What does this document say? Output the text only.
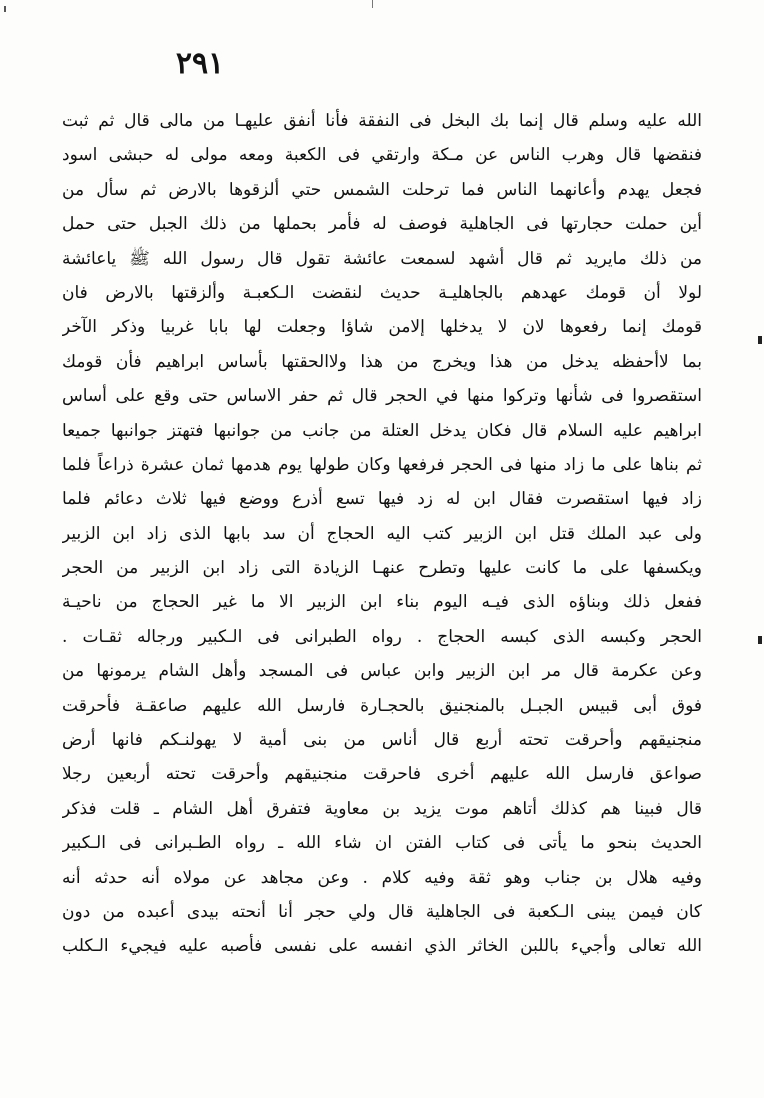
٢٩١
الله عليه وسلم قال إنما بك البخل فى النفقة فأنا أنفق عليهـا من مالى قال ثم ثبت
فنقضها قال وهرب الناس عن مـكة وارتقي فى الكعبة ومعه مولى له حبشى اسود
فجعل يهدم وأعانهما الناس فما ترحلت الشمس حتي ألزقوها بالارض ثم سأل من
أين حملت حجارتها فى الجاهلية فوصف له فأمر بحملها من ذلك الجبل حتى حمل
من ذلك مايريد ثم قال أشهد لسمعت عائشة تقول قال رسول الله ﷺ ياعائشة
لولا أن قومك عهدهم بالجاهليـة حديث لنقضت الـكعبـة وألزقتها بالارض فان
قومك إنما رفعوها لان لا يدخلها إلامن شاؤا وجعلت لها بابا غربيا وذكر الآخر
بما لاأحفظه يدخل من هذا ويخرج من هذا ولاالحقتها بأساس ابراهيم فأن قومك
استقصروا فى شأنها وتركوا منها في الحجر قال ثم حفر الاساس حتى وقع على أساس
ابراهيم عليه السلام قال فكان يدخل العتلة من جانب من جوانبها فتهتز جوانبها جميعا
ثم بناها على ما زاد منها فى الحجر فرفعها وكان طولها يوم هدمها ثمان عشرة ذراعاً فلما
زاد فيها استقصرت فقال ابن له زد فيها تسع أذرع ووضع فيها ثلاث دعائم فلما
ولى عبد الملك قتل ابن الزبير كتب اليه الحجاج أن سد بابها الذى زاد ابن الزبير
ويكسفها على ما كانت عليها وتطرح عنهـا الزيادة التى زاد ابن الزبير من الحجر
ففعل ذلك وبناؤه الذى فيـه اليوم بناء ابن الزبير الا ما غير الحجاج من ناحيـة
الحجر وكبسه الذى كبسه الحجاج . رواه الطبرانى فى الـكبير ورجاله ثقـات .
وعن عكرمة قال مر ابن الزبير وابن عباس فى المسجد وأهل الشام يرمونها من
فوق أبى قبيس الجبـل بالمنجنيق بالحجـارة فارسل الله عليهم صاعقـة فأحرقت
منجنيقهم وأحرقت تحته أربع قال أناس من بنى أمية لا يهولنـكم فانها أرض
صواعق فارسل الله عليهم أخرى فاحرقت منجنيقهم وأحرقت تحته أربعين رجلا
قال فبينا هم كذلك أتاهم موت يزيد بن معاوية فتفرق أهل الشام ـ قلت فذكر
الحديث بنحو ما يأتى فى كتاب الفتن ان شاء الله ـ رواه الطـبرانى فى الـكبير
وفيه هلال بن جناب وهو ثقة وفيه كلام . وعن مجاهد عن مولاه أنه حدثه أنه
كان فيمن يبنى الـكعبة فى الجاهلية قال ولي حجر أنا أنحته بيدى أعبده من دون
الله تعالى وأجيء باللبن الخاثر الذي انفسه على نفسى فأصبه عليه فيجيء الـكلب
